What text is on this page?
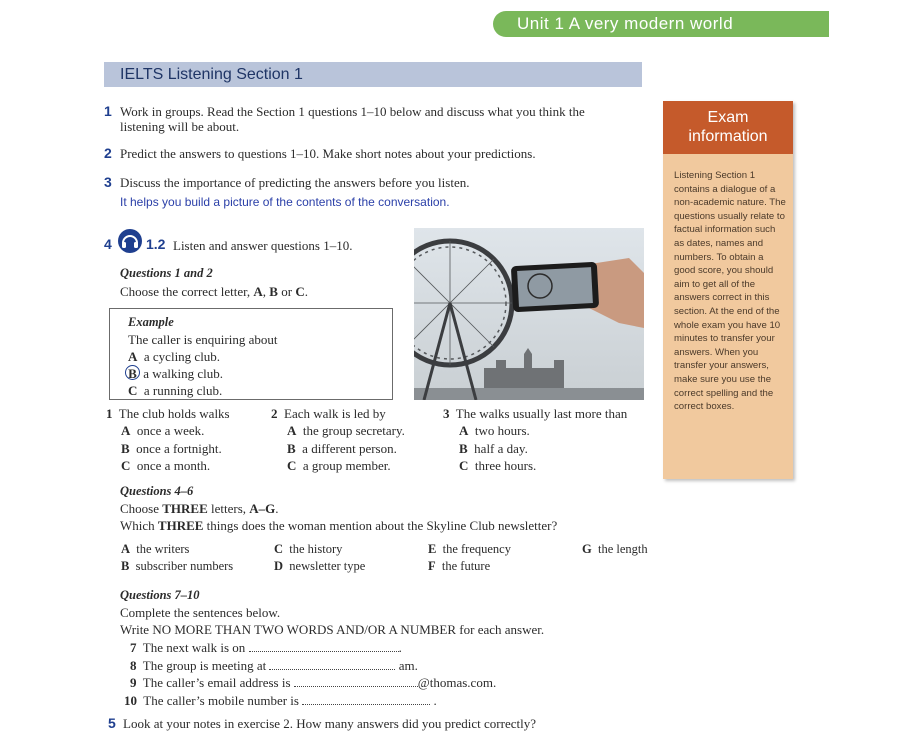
Unit 1 A very modern world
IELTS Listening Section 1
1 Work in groups. Read the Section 1 questions 1–10 below and discuss what you think the
listening will be about.
2 Predict the answers to questions 1–10. Make short notes about your predictions.
3 Discuss the importance of predicting the answers before you listen.
It helps you build a picture of the contents of the conversation.
4 1.2 Listen and answer questions 1–10.
Questions 1 and 2
Choose the correct letter, A, B or C.
Example
The caller is enquiring about
A a cycling club.
B a walking club.
C a running club.
1 The club holds walks	2 Each walk is led by	3 The walks usually last more than
A once a week.
B once a fortnight.
C once a month.
A the group secretary.
B a different person.
C a group member.
A two hours.
B half a day.
C three hours.
Exam
information
Listening Section 1 contains a dialogue of a non-academic nature. The questions usually relate to factual information such as dates, names and numbers. To obtain a good score, you should aim to get all of the answers correct in this section. At the end of the whole exam you have 10 minutes to transfer your answers. When you transfer your answers, make sure you use the correct spelling and the correct boxes.
Questions 4–6
Choose THREE letters, A–G.
Which THREE things does the woman mention about the Skyline Club newsletter?
A the writers
B subscriber numbers
C the history
D newsletter type
E the frequency
F the future
G the length
Questions 7–10
Complete the sentences below.
Write NO MORE THAN TWO WORDS AND/OR A NUMBER for each answer.
7 The next walk is on	.
8 The group is meeting at	am.
9 The caller’s email address is	@thomas.com.
10 The caller’s mobile number is	.
5 Look at your notes in exercise 2. How many answers did you predict correctly?
